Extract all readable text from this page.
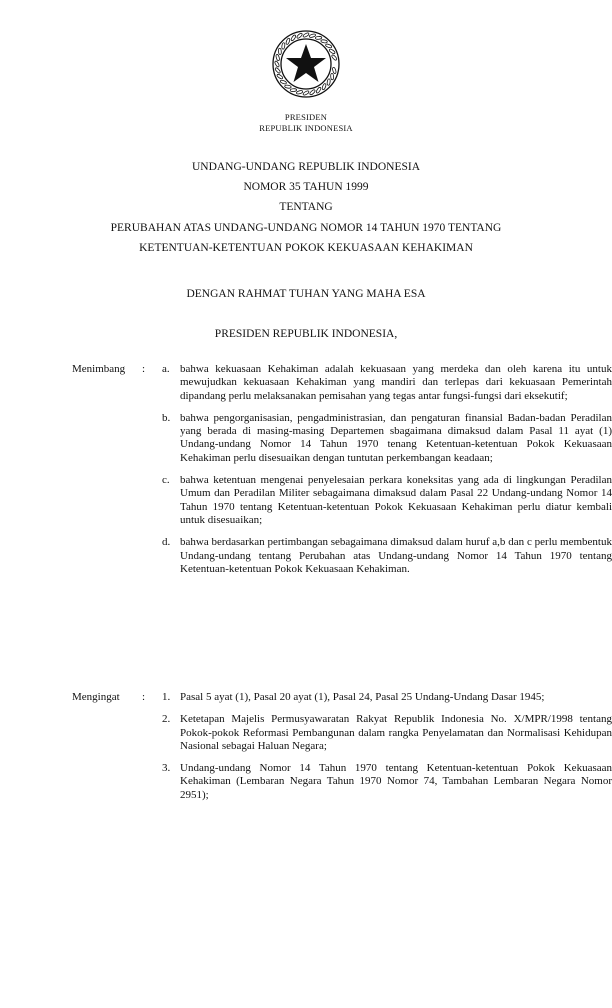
PRESIDEN
REPUBLIK INDONESIA
UNDANG-UNDANG REPUBLIK INDONESIA
NOMOR 35 TAHUN 1999
TENTANG
PERUBAHAN ATAS UNDANG-UNDANG NOMOR 14 TAHUN 1970 TENTANG
KETENTUAN-KETENTUAN POKOK KEKUASAAN KEHAKIMAN
DENGAN RAHMAT TUHAN YANG MAHA ESA
PRESIDEN REPUBLIK INDONESIA,
Menimbang	: a. bahwa kekuasaan Kehakiman adalah kekuasaan yang merdeka dan oleh karena itu untuk mewujudkan kekuasaan Kehakiman yang mandiri dan terlepas dari kekuasaan Pemerintah dipandang perlu melaksanakan pemisahan yang tegas antar fungsi-fungsi dari eksekutif;
b. bahwa pengorganisasian, pengadministrasian, dan pengaturan finansial Badan-badan Peradilan yang berada di masing-masing Departemen sbagaimana dimaksud dalam Pasal 11 ayat (1) Undang-undang Nomor 14 Tahun 1970 tenang Ketentuan-ketentuan Pokok Kekuasaan Kehakiman perlu disesuaikan dengan tuntutan perkembangan keadaan;
c. bahwa ketentuan mengenai penyelesaian perkara koneksitas yang ada di lingkungan Peradilan Umum dan Peradilan Militer sebagaimana dimaksud dalam Pasal 22 Undang-undang Nomor 14 Tahun 1970 tentang Ketentuan-ketentuan Pokok Kekuasaan Kehakiman perlu diatur kembali untuk disesuaikan;
d. bahwa berdasarkan pertimbangan sebagaimana dimaksud dalam huruf a,b dan c perlu membentuk Undang-undang tentang Perubahan atas Undang-undang Nomor 14 Tahun 1970 tentang Ketentuan-ketentuan Pokok Kekuasaan Kehakiman.
Mengingat	: 1. Pasal 5 ayat (1), Pasal 20 ayat (1), Pasal 24, Pasal 25 Undang-Undang Dasar 1945;
2. Ketetapan Majelis Permusyawaratan Rakyat Republik Indonesia No. X/MPR/1998 tentang Pokok-pokok Reformasi Pembangunan dalam rangka Penyelamatan dan Normalisasi Kehidupan Nasional sebagai Haluan Negara;
3. Undang-undang Nomor 14 Tahun 1970 tentang Ketentuan-ketentuan Pokok Kekuasaan Kehakiman (Lembaran Negara Tahun 1970 Nomor 74, Tambahan Lembaran Negara Nomor 2951);
